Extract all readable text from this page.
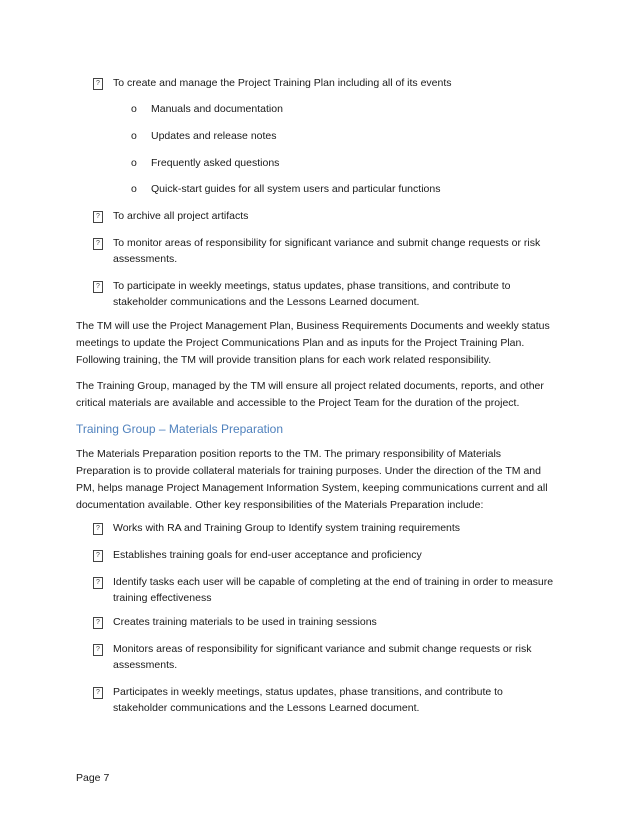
? To create and manage the Project Training Plan including all of its events
o Manuals and documentation
o Updates and release notes
o Frequently asked questions
o Quick-start guides for all system users and particular functions
? To archive all project artifacts
? To monitor areas of responsibility for significant variance and submit change requests or risk
assessments.
? To participate in weekly meetings, status updates, phase transitions, and contribute to
stakeholder communications and the Lessons Learned document.
The TM will use the Project Management Plan, Business Requirements Documents and weekly status
meetings to update the Project Communications Plan and as inputs for the Project Training Plan.
Following training, the TM will provide transition plans for each work related responsibility.
The Training Group, managed by the TM will ensure all project related documents, reports, and other
critical materials are available and accessible to the Project Team for the duration of the project.
Training Group – Materials Preparation
The Materials Preparation position reports to the TM. The primary responsibility of Materials
Preparation is to provide collateral materials for training purposes. Under the direction of the TM and
PM, helps manage Project Management Information System, keeping communications current and all
documentation available. Other key responsibilities of the Materials Preparation include:
? Works with RA and Training Group to Identify system training requirements
? Establishes training goals for end-user acceptance and proficiency
? Identify tasks each user will be capable of completing at the end of training in order to measure
training effectiveness
? Creates training materials to be used in training sessions
? Monitors areas of responsibility for significant variance and submit change requests or risk
assessments.
? Participates in weekly meetings, status updates, phase transitions, and contribute to
stakeholder communications and the Lessons Learned document.
Page 7
